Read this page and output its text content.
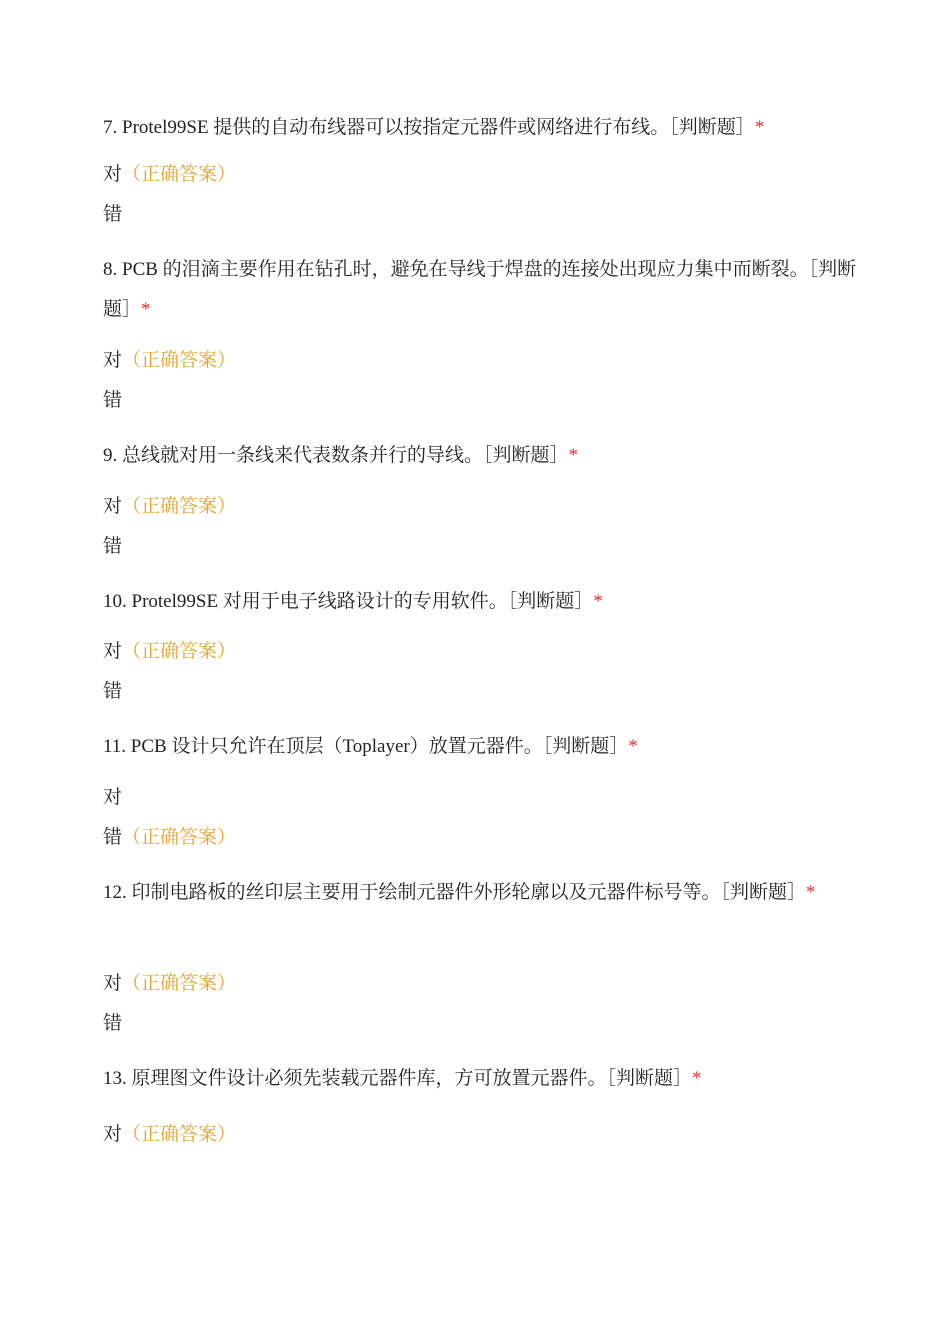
7. Protel99SE 提供的自动布线器可以按指定元器件或网络进行布线。［判断题］*
对（正确答案）
错
8. PCB 的泪滴主要作用在钻孔时，避免在导线于焊盘的连接处出现应力集中而断裂。［判断题］*
对（正确答案）
错
9. 总线就对用一条线来代表数条并行的导线。［判断题］*
对（正确答案）
错
10. Protel99SE 对用于电子线路设计的专用软件。［判断题］*
对（正确答案）
错
11. PCB 设计只允许在顶层（Toplayer）放置元器件。［判断题］*
对
错（正确答案）
12. 印制电路板的丝印层主要用于绘制元器件外形轮廓以及元器件标号等。［判断题］*
对（正确答案）
错
13. 原理图文件设计必须先装载元器件库，方可放置元器件。［判断题］*
对（正确答案）
